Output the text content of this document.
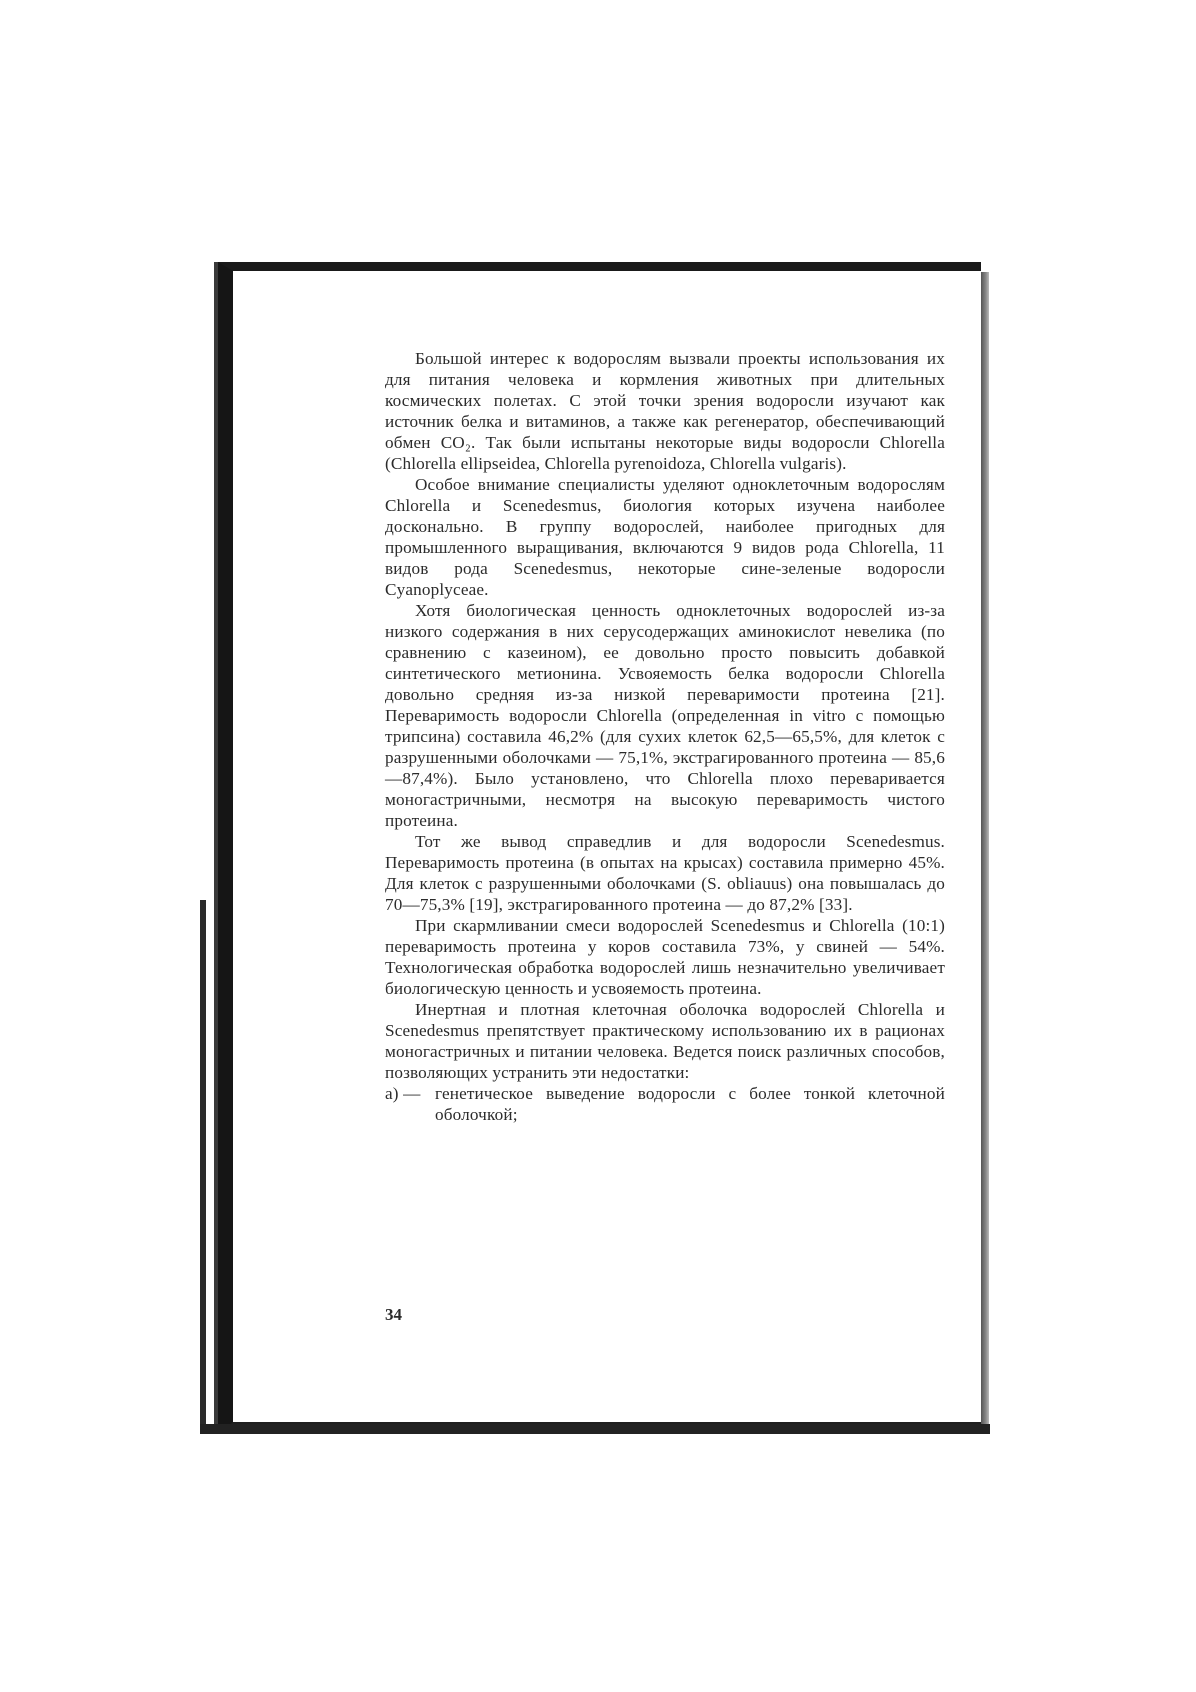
Большой интерес к водорослям вызвали проекты использования их для питания человека и кормления животных при длительных космических полетах. С этой точки зрения водоросли изучают как источник белка и витаминов, а также как регенератор, обеспечивающий обмен CO₂. Так были испытаны некоторые виды водоросли Chlorella (Chlorella ellipseidea, Chlorella pyrenoidoza, Chlorella vulgaris).

Особое внимание специалисты уделяют одноклеточным водорослям Chlorella и Scenedesmus, биология которых изучена наиболее досконально. В группу водорослей, наиболее пригодных для промышленного выращивания, включаются 9 видов рода Chlorella, 11 видов рода Scenedesmus, некоторые сине-зеленые водоросли Cyanoplyceae.

Хотя биологическая ценность одноклеточных водорослей из-за низкого содержания в них серусодержащих аминокислот невелика (по сравнению с казеином), ее довольно просто повысить добавкой синтетического метионина. Усвояемость белка водоросли Chlorella довольно средняя из-за низкой переваримости протеина [21]. Переваримость водоросли Chlorella (определенная in vitro с помощью трипсина) составила 46,2% (для сухих клеток 62,5—65,5%, для клеток с разрушенными оболочками — 75,1%, экстрагированного протеина — 85,6—87,4%). Было установлено, что Chlorella плохо переваривается моногастричными, несмотря на высокую переваримость чистого протеина.

Тот же вывод справедлив и для водоросли Scenedesmus. Переваримость протеина (в опытах на крысах) составила примерно 45%. Для клеток с разрушенными оболочками (S. obliauus) она повышалась до 70—75,3% [19], экстрагированного протеина — до 87,2% [33].

При скармливании смеси водорослей Scenedesmus и Chlorella (10:1) переваримость протеина у коров составила 73%, у свиней — 54%. Технологическая обработка водорослей лишь незначительно увеличивает биологическую ценность и усвояемость протеина.

Инертная и плотная клеточная оболочка водорослей Chlorella и Scenedesmus препятствует практическому использованию их в рационах моногастричных и питании человека. Ведется поиск различных способов, позволяющих устранить эти недостатки:

а) — генетическое выведение водоросли с более тонкой клеточной оболочкой;
34
